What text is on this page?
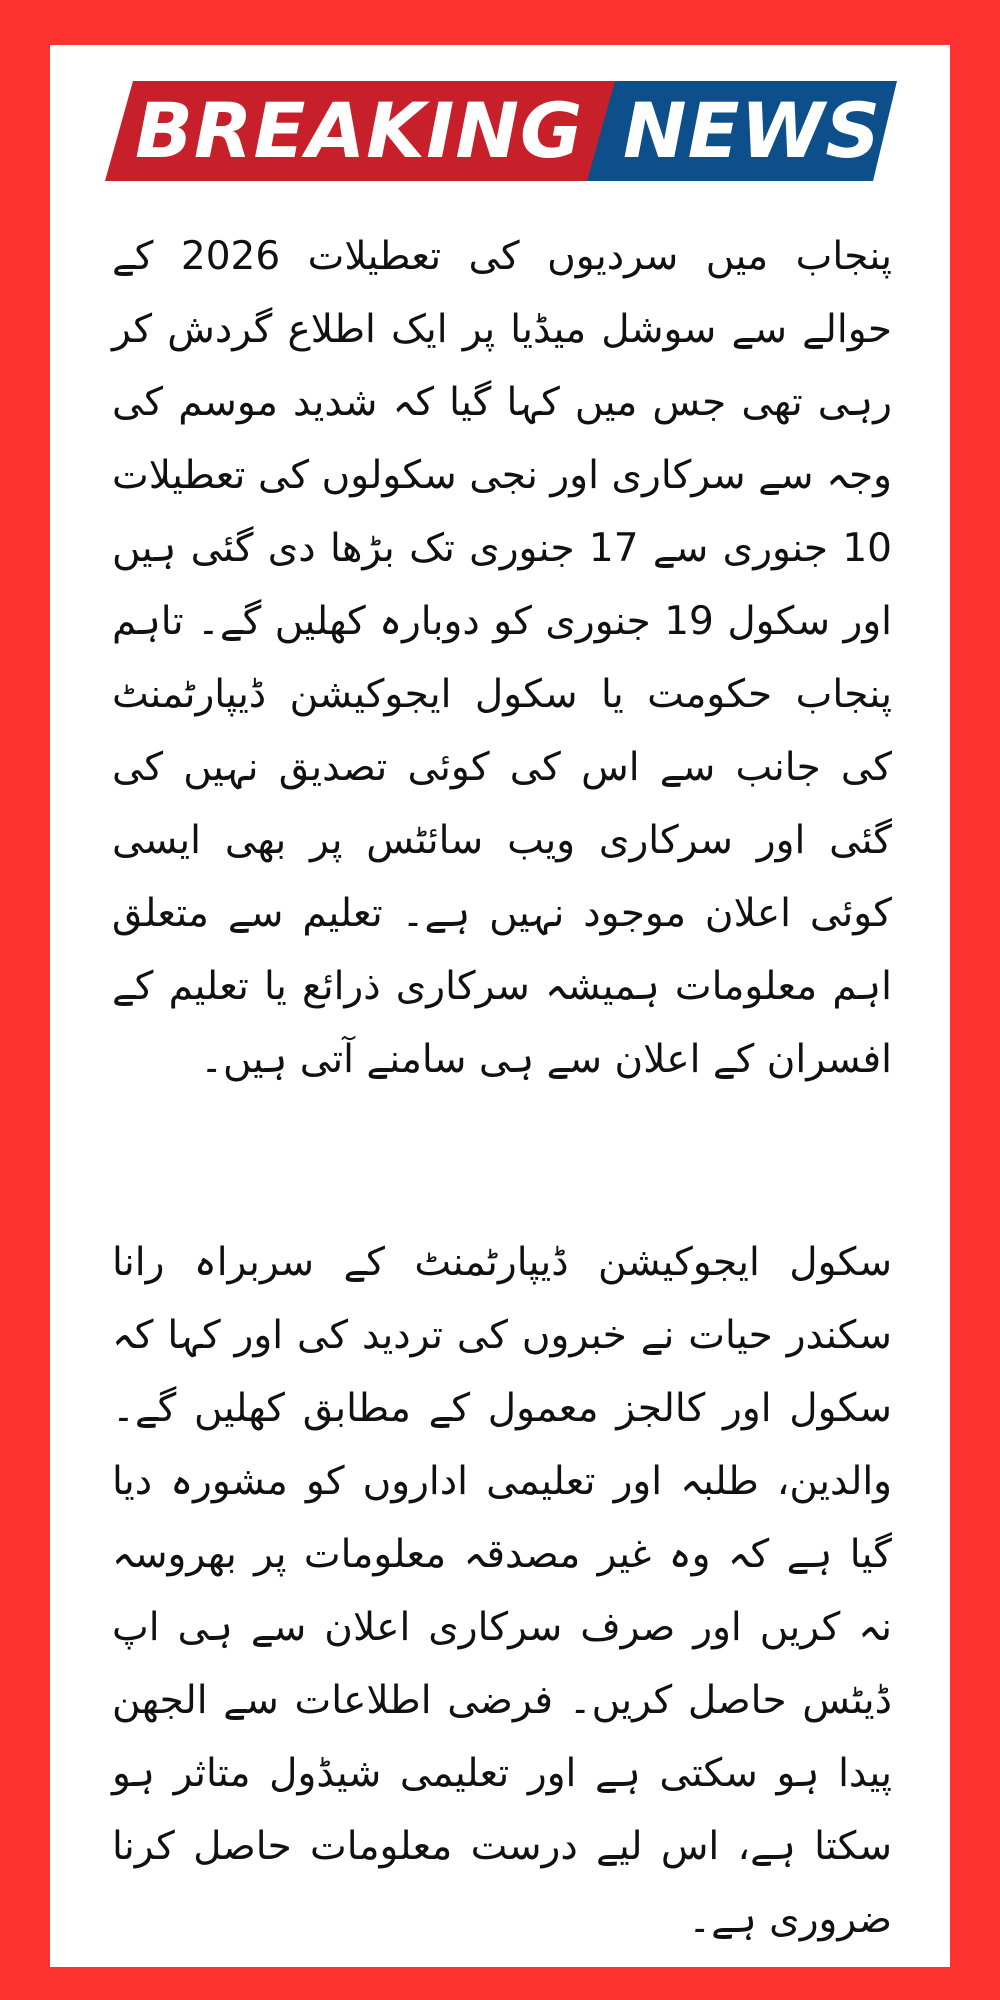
BREAKING NEWS

پنجاب میں سردیوں کی تعطیلات 2026 کے حوالے سے سوشل میڈیا پر ایک اطلاع گردش کر رہی تھی جس میں کہا گیا کہ شدید موسم کی وجہ سے سرکاری اور نجی سکولوں کی تعطیلات 10 جنوری سے 17 جنوری تک بڑھا دی گئی ہیں اور سکول 19 جنوری کو دوبارہ کھلیں گے۔ تاہم پنجاب حکومت یا سکول ایجوکیشن ڈیپارٹمنٹ کی جانب سے اس کی کوئی تصدیق نہیں کی گئی اور سرکاری ویب سائٹس پر بھی ایسی کوئی اعلان موجود نہیں ہے۔ تعلیم سے متعلق اہم معلومات ہمیشہ سرکاری ذرائع یا تعلیم کے افسران کے اعلان سے ہی سامنے آتی ہیں۔

سکول ایجوکیشن ڈیپارٹمنٹ کے سربراہ رانا سکندر حیات نے خبروں کی تردید کی اور کہا کہ سکول اور کالجز معمول کے مطابق کھلیں گے۔ والدین، طلبہ اور تعلیمی اداروں کو مشورہ دیا گیا ہے کہ وہ غیر مصدقہ معلومات پر بھروسہ نہ کریں اور صرف سرکاری اعلان سے ہی اپ ڈیٹس حاصل کریں۔ فرضی اطلاعات سے الجھن پیدا ہو سکتی ہے اور تعلیمی شیڈول متاثر ہو سکتا ہے، اس لیے درست معلومات حاصل کرنا ضروری ہے۔
